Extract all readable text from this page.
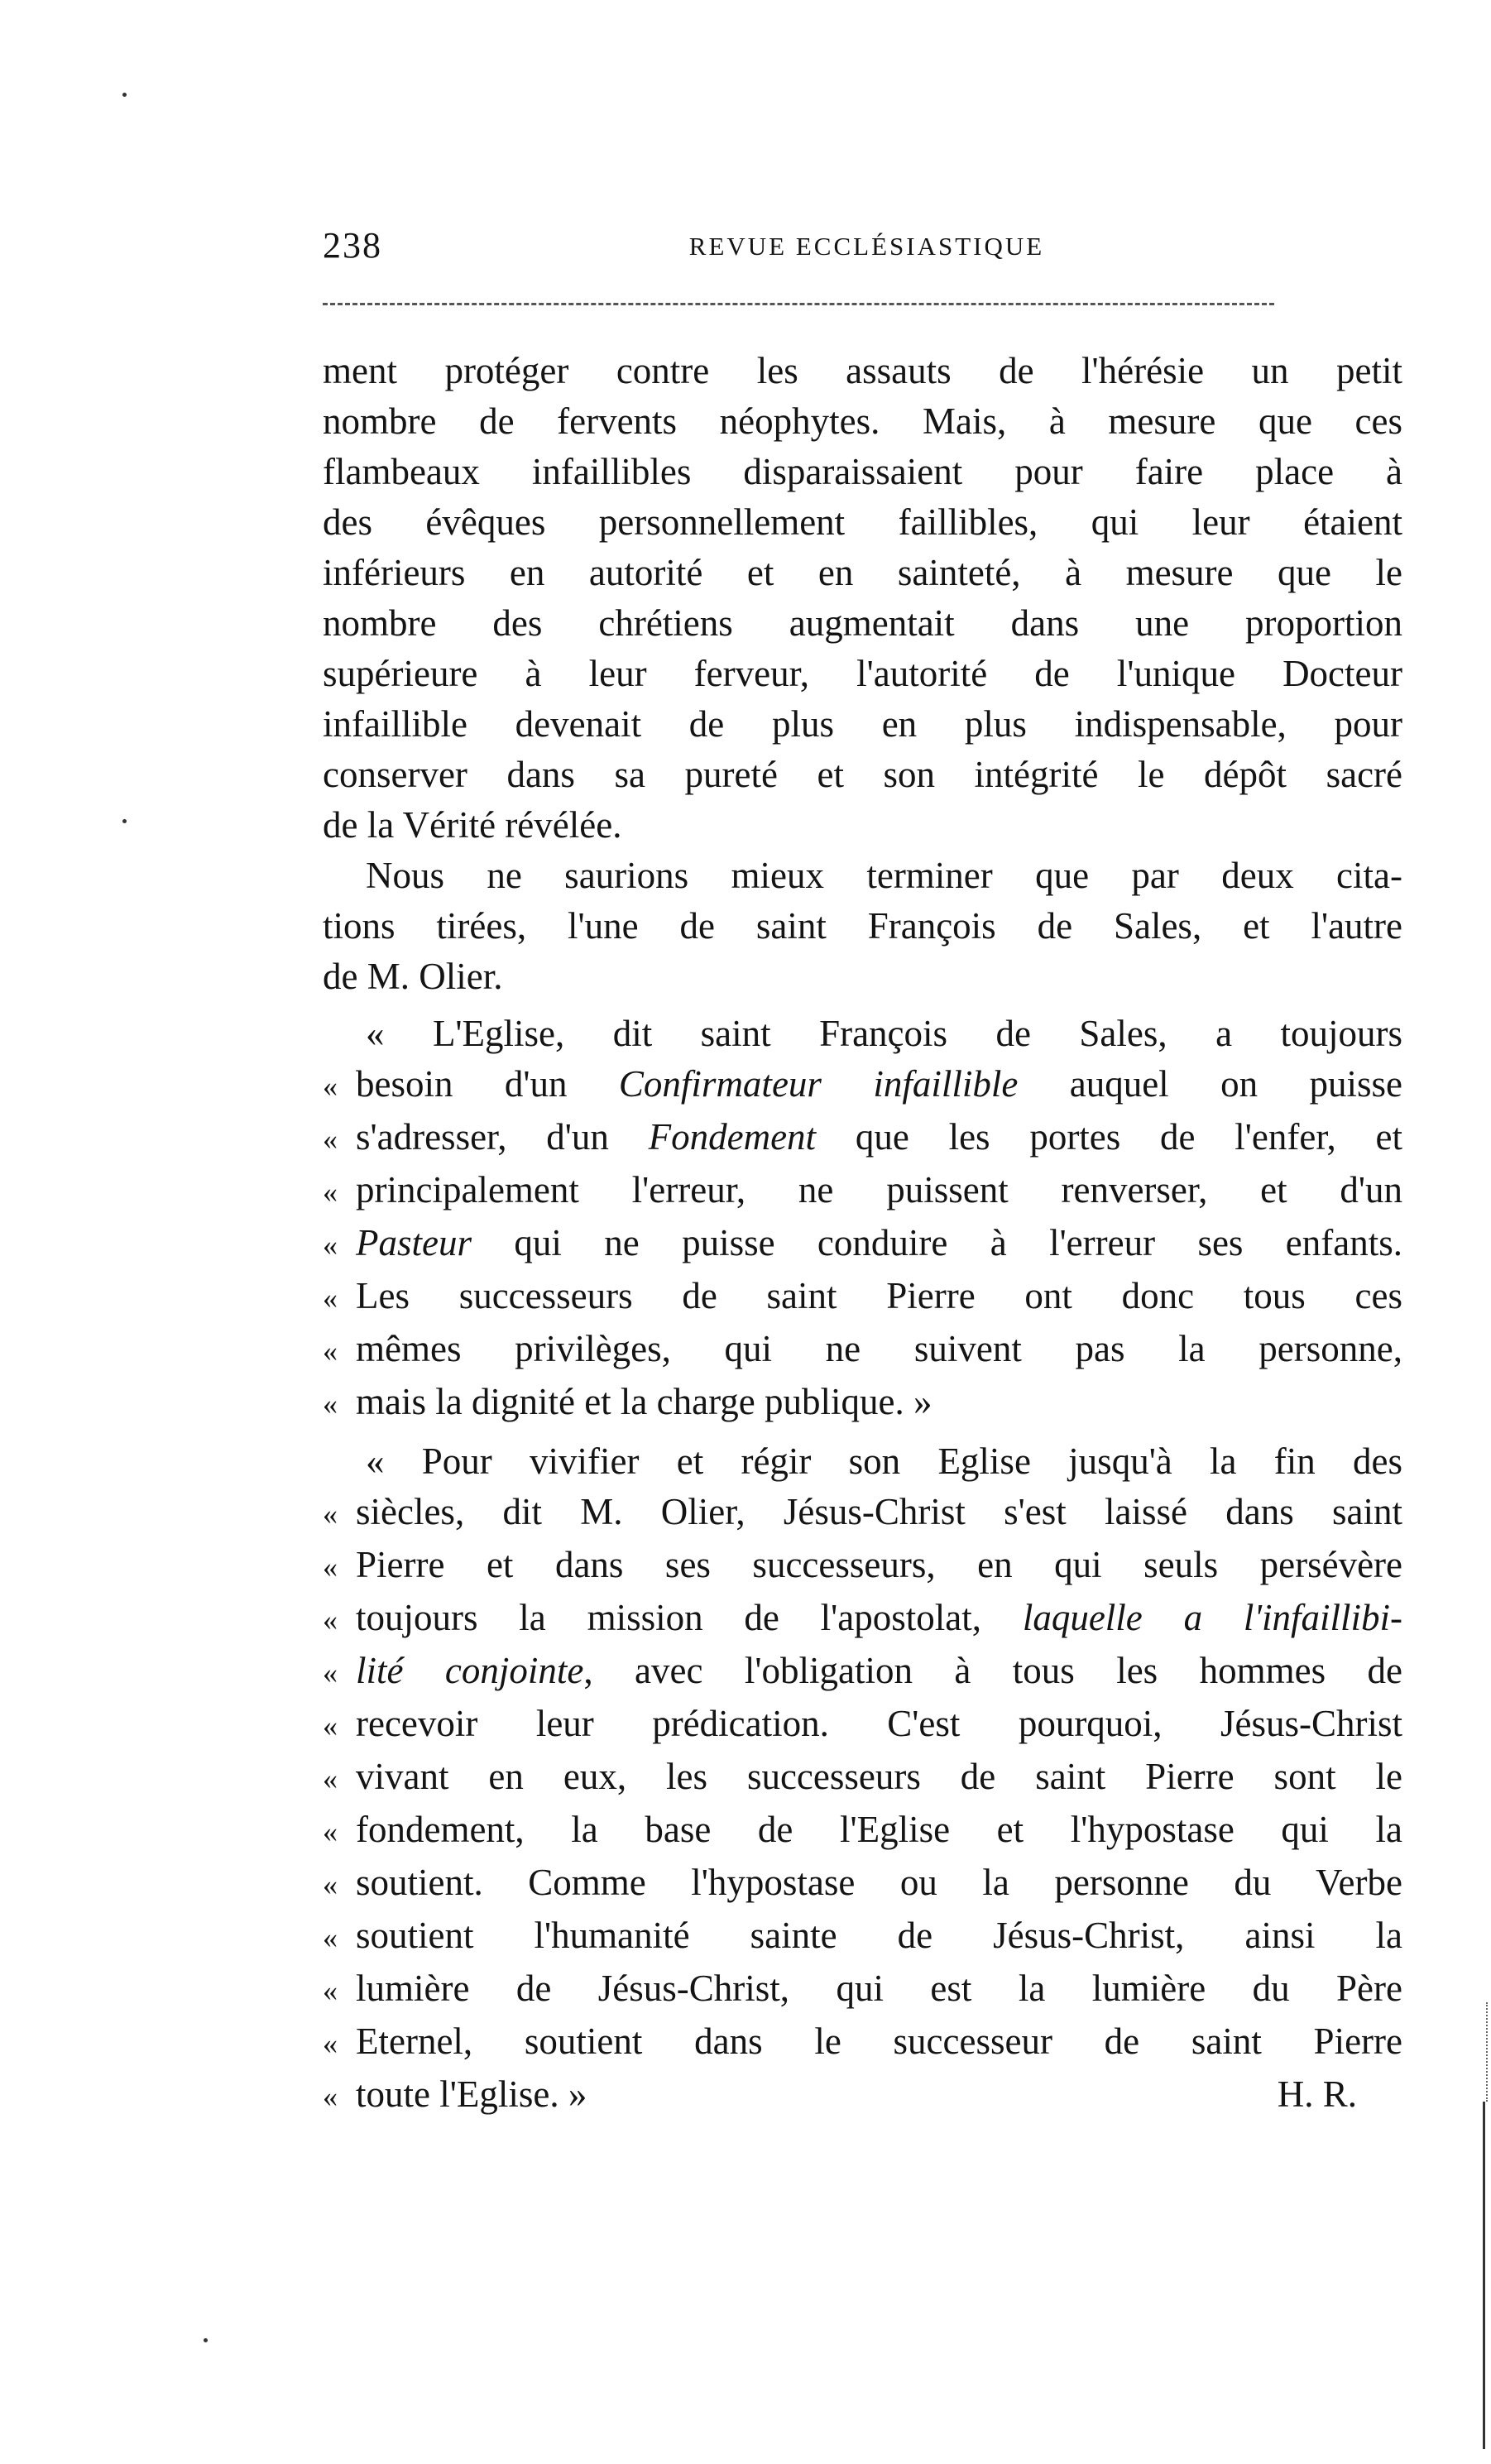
238	REVUE ECCLÉSIASTIQUE
ment protéger contre les assauts de l'hérésie un petit
nombre de fervents néophytes. Mais, à mesure que ces
flambeaux infaillibles disparaissaient pour faire place à
des évêques personnellement faillibles, qui leur étaient
inférieurs en autorité et en sainteté, à mesure que le
nombre des chrétiens augmentait dans une proportion
supérieure à leur ferveur, l'autorité de l'unique Docteur
infaillible devenait de plus en plus indispensable, pour
conserver dans sa pureté et son intégrité le dépôt sacré
de la Vérité révélée.
Nous ne saurions mieux terminer que par deux cita-
tions tirées, l'une de saint François de Sales, et l'autre
de M. Olier.
« L'Eglise, dit saint François de Sales, a toujours
« besoin d'un Confirmateur infaillible auquel on puisse
« s'adresser, d'un Fondement que les portes de l'enfer, et
« principalement l'erreur, ne puissent renverser, et d'un
« Pasteur qui ne puisse conduire à l'erreur ses enfants.
« Les successeurs de saint Pierre ont donc tous ces
« mêmes privilèges, qui ne suivent pas la personne,
« mais la dignité et la charge publique. »
« Pour vivifier et régir son Eglise jusqu'à la fin des
« siècles, dit M. Olier, Jésus-Christ s'est laissé dans saint
« Pierre et dans ses successeurs, en qui seuls persévère
« toujours la mission de l'apostolat, laquelle a l'infaillibi-
« lité conjointe, avec l'obligation à tous les hommes de
« recevoir leur prédication. C'est pourquoi, Jésus-Christ
« vivant en eux, les successeurs de saint Pierre sont le
« fondement, la base de l'Eglise et l'hypostase qui la
« soutient. Comme l'hypostase ou la personne du Verbe
« soutient l'humanité sainte de Jésus-Christ, ainsi la
« lumière de Jésus-Christ, qui est la lumière du Père
« Eternel, soutient dans le successeur de saint Pierre
« toute l'Eglise. »	H. R.
